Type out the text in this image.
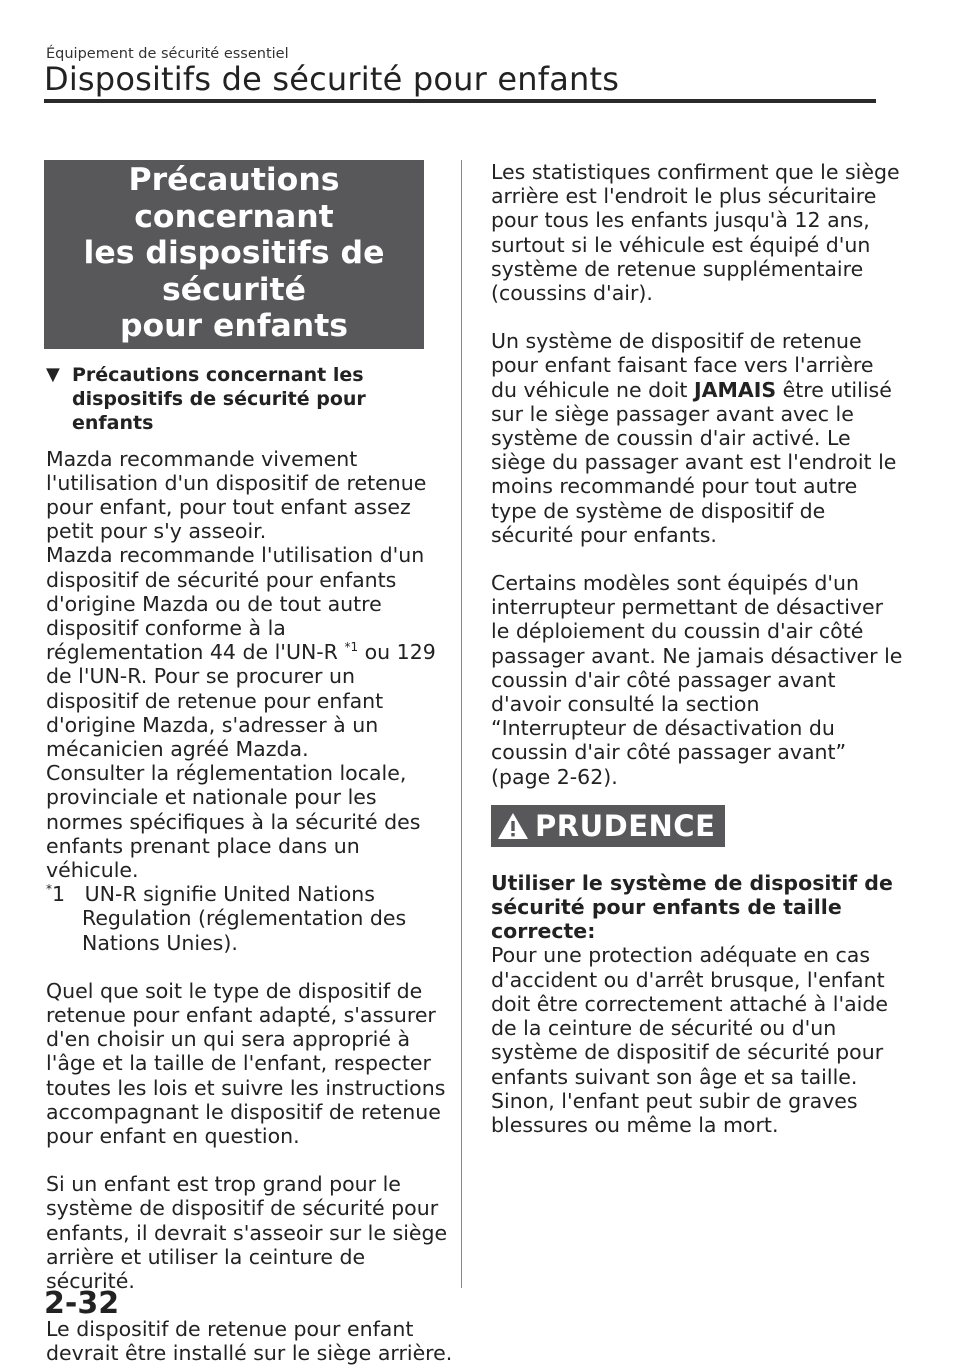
Équipement de sécurité essentiel
Dispositifs de sécurité pour enfants
Précautions concernant
les dispositifs de sécurité
pour enfants
▼ Précautions concernant les
dispositifs de sécurité pour enfants

Mazda recommande vivement
l'utilisation d'un dispositif de retenue
pour enfant, pour tout enfant assez
petit pour s'y asseoir.
Mazda recommande l'utilisation d'un
dispositif de sécurité pour enfants
d'origine Mazda ou de tout autre
dispositif conforme à la
réglementation 44 de l'UN-R $^{*1}$ ou 129
de l'UN-R. Pour se procurer un
dispositif de retenue pour enfant
d'origine Mazda, s'adresser à un
mécanicien agréé Mazda.
Consulter la réglementation locale,
provinciale et nationale pour les
normes spécifiques à la sécurité des
enfants prenant place dans un
véhicule.

*1 UN-R signifie United Nations
Regulation (réglementation des
Nations Unies).

Quel que soit le type de dispositif de
retenue pour enfant adapté, s'assurer
d'en choisir un qui sera approprié à
l'âge et la taille de l'enfant, respecter
toutes les lois et suivre les instructions
accompagnant le dispositif de retenue
pour enfant en question.

Si un enfant est trop grand pour le
système de dispositif de sécurité pour
enfants, il devrait s'asseoir sur le siège
arrière et utiliser la ceinture de
sécurité.

Le dispositif de retenue pour enfant
devrait être installé sur le siège arrière.

Les statistiques confirment que le siège
arrière est l'endroit le plus sécuritaire
pour tous les enfants jusqu'à 12 ans,
surtout si le véhicule est équipé d'un
système de retenue supplémentaire
(coussins d'air).

Un système de dispositif de retenue
pour enfant faisant face vers l'arrière
du véhicule ne doit JAMAIS être utilisé
sur le siège passager avant avec le
système de coussin d'air activé. Le
siège du passager avant est l'endroit le
moins recommandé pour tout autre
type de système de dispositif de
sécurité pour enfants.

Certains modèles sont équipés d'un
interrupteur permettant de désactiver
le déploiement du coussin d'air côté
passager avant. Ne jamais désactiver le
coussin d'air côté passager avant
d'avoir consulté la section
“Interrupteur de désactivation du
coussin d'air côté passager avant”
(page 2-62).

PRUDENCE

Utiliser le système de dispositif de
sécurité pour enfants de taille
correcte:

Pour une protection adéquate en cas
d'accident ou d'arrêt brusque, l'enfant
doit être correctement attaché à l'aide
de la ceinture de sécurité ou d'un
système de dispositif de sécurité pour
enfants suivant son âge et sa taille.
Sinon, l'enfant peut subir de graves
blessures ou même la mort.

2-32
